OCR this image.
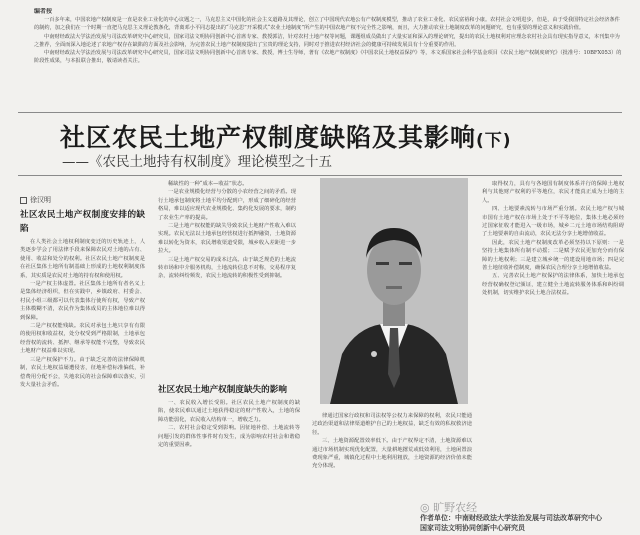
编者按

一百多年来，中国农地产权制度是一直是农业工业化的中心议题之一，马克思主义中国化的社会主义道路及其理论，创立了中国现代农地公有产权制度模型，推动了农业工业化、农民富裕和小康。农村社会文明进步，但是，由于受我国特定社会经济条件的制约，加之我们在一个时期一直把马克思主义理论教条化，背离邓小平同志提出的“马克思”开采模式“农业土地制度”所产生的中国农地产权不完全性之影响，而且，大力推动农业土地制度改革的问题研究，也有重要的理论意义和实践价值。

中南财经政法大学法治发展与司法改革研究中心研究员，国家司法文明协同创新中心首席专家、教授郭洁，针对农村土地产权等问题，课题组成员做出了大量实证和深入的理论研究，提出的农民土地权利对应理念农村社会具有现实指导意义，本刊集中为之推荐，全面而深入地论述了农地产权存在缺陷的方面及社会影响，为完善农民土地产权制度提出了宝贵的理论支持，同时对于推进农村经济社会的健康可持续发展具有十分重要的作用。

中南财经政法大学法治发展与司法改革研究中心研究员，国家司法文明协同创新中心首席专家、教授，博士生导师，著有《农地产权制度》《中国农民土地权益保护》等，本文系国家社会科学基金项目《农民土地产权制度研究》（批准号：10BFX053）的阶段性成果，与本报联合推出，敬请读者关注。

社区农民土地产权制度缺陷及其影响(下)
——《农民土地持有权制度》理论模型之十五
徐汉明
社区农民土地产权制度安排的缺陷

在人类社会土地权利制度变迁的历史轨迹上，人类逐步学会了用法律手段来保障农民对土地的占有、使用、收益和处分的权利。社区农民土地产权制度是在社区集体土地所有制基础上形成的土地权利制度体系，其实质是农民对土地的持有权和使用权。

一是产权主体虚置。社区集体土地所有者名义上是集体经济组织，但在实践中，乡镇政府、村委会、村民小组三级都可以代表集体行使所有权，导致产权主体模糊不清，农民作为集体成员的主体地位难以得到保障。

二是产权权能残缺。农民对承包土地只享有有限的使用权和收益权，处分权受到严格限制，土地承包经营权的流转、抵押、继承等权能不完整，导致农民土地财产权益难以实现。

三是产权保护不力。由于缺乏完善的法律保障机制，农民土地权益屡遭侵害，征地补偿标准偏低，补偿费用分配不公，失地农民的社会保障难以落实，引发大量社会矛盾。

稀缺性的一种“成本—收益”状态。

一是农业规模化经营与分散的小农经营之间的矛盾。现行土地承包制度将土地平均分配到户，形成了细碎化的经营格局，难以适应现代农业规模化、集约化发展的要求，制约了农业生产率的提高。

二是土地产权权能的缺失导致农民土地财产性收入难以实现。农民无法以土地承包经营权进行抵押融资，土地资源难以转化为资本，农民增收渠道受限，城乡收入差距进一步拉大。

三是土地产权交易的成本过高。由于缺乏规范的土地流转市场和中介服务机构，土地流转信息不对称，交易程序复杂，流转纠纷频发，农民土地流转的积极性受到抑制。

社区农民土地产权制度缺失的影响

一、农民收入增长受阻。社区农民土地产权制度的缺陷，使农民难以通过土地获得稳定的财产性收入，土地的保障功能弱化，农民收入结构单一，增收乏力。

二、农村社会稳定受到影响。因征地补偿、土地流转等问题引发的群体性事件时有发生，成为影响农村社会和谐稳定的重要因素。

律通过国家行政权和司法权等公权力来保障的权利，农民只能通过政治渠道和法律渠道维护自己的土地权益，缺乏有效的私权救济途径。

三、土地资源配置效率低下。由于产权界定不清，土地资源难以通过市场机制实现优化配置，大量耕地撂荒或低效利用，土地闲置浪费现象严重，城镇化过程中土地利用粗放，土地资源的经济价值未能充分体现。

取得权力，具有与各地国有制度体系并行的保障土地权利与其他财产权利的平等地位，农民才能真正成为土地的主人。

四、土地要素流转与市场严重分割。农民土地产权与城市国有土地产权在市场上处于不平等地位，集体土地必须经过国家征收才能进入一级市场，城乡二元土地市场结构阻碍了土地要素的自由流动，农民无法分享土地增值收益。

因此，农民土地产权制度改革必须坚持以下原则：一是坚持土地集体所有制不动摇；二是赋予农民更加充分而有保障的土地权利；三是建立城乡统一的建设用地市场；四是完善土地征收补偿制度，确保农民合理分享土地增值收益。

五、完善农民土地产权保护的法律体系，加快土地承包经营权确权登记颁证，建立健全土地流转服务体系和纠纷调处机制，切实维护农民土地合法权益。

◎ 旷野农经
作者单位：中南财经政法大学法治发展与司法改革研究中心
国家司法文明协同创新中心研究员
